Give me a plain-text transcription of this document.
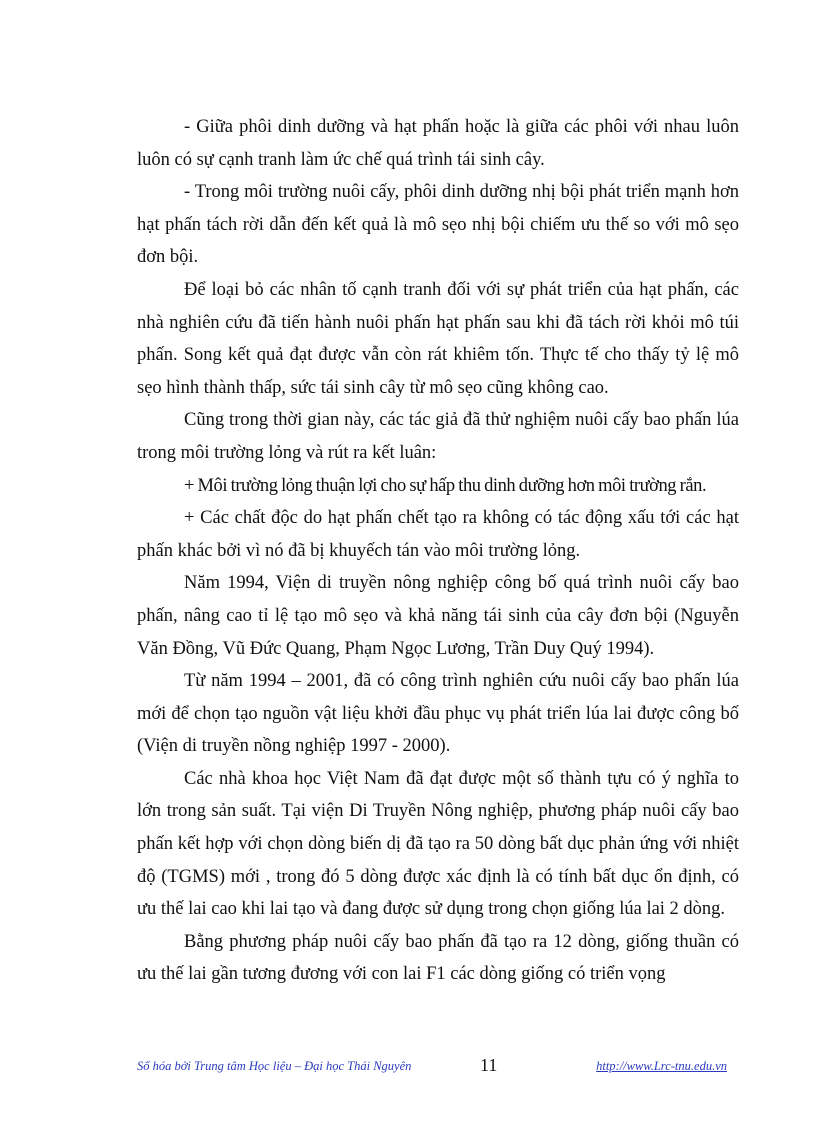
- Giữa phôi dinh dưỡng và hạt phấn hoặc là giữa các phôi với nhau luôn luôn có sự cạnh tranh làm ức chế quá trình tái sinh cây.

- Trong môi trường nuôi cấy, phôi dinh dưỡng nhị bội phát triển mạnh hơn hạt phấn tách rời dẫn đến kết quả là mô sẹo nhị bội chiếm ưu thế so với mô sẹo đơn bội.

Để loại bỏ các nhân tố cạnh tranh đối với sự phát triển của hạt phấn, các nhà nghiên cứu đã tiến hành nuôi phấn hạt phấn sau khi đã tách rời khỏi mô túi phấn. Song kết quả đạt được vẫn còn rát khiêm tốn. Thực tế cho thấy tỷ lệ mô sẹo hình thành thấp, sức tái sinh cây từ mô sẹo cũng không cao.

Cũng trong thời gian này, các tác giả đã thử nghiệm nuôi cấy bao phấn lúa trong môi trường lỏng và rút ra kết luân:

+ Môi trường lỏng thuận lợi cho sự hấp thu dinh dưỡng hơn môi trường rắn.

+ Các chất độc do hạt phấn chết tạo ra không có tác động xấu tới các hạt phấn khác bởi vì nó đã bị khuyếch tán vào môi trường lỏng.

Năm 1994, Viện di truyền nông nghiệp công bố quá trình nuôi cấy bao phấn, nâng cao tỉ lệ tạo mô sẹo và khả năng tái sinh của cây đơn bội (Nguyễn Văn Đồng, Vũ Đức Quang, Phạm Ngọc Lương, Trần Duy Quý 1994).

Từ năm 1994 – 2001, đã có công trình nghiên cứu nuôi cấy bao phấn lúa mới để chọn tạo nguồn vật liệu khởi đầu phục vụ phát triển lúa lai được công bố (Viện di truyền nồng nghiệp 1997 - 2000).

Các nhà khoa học Việt Nam đã đạt được một số thành tựu có ý nghĩa to lớn trong sản suất. Tại viện Di Truyền Nông nghiệp, phương pháp nuôi cấy bao phấn kết hợp với chọn dòng biến dị đã tạo ra 50 dòng bất dục phản ứng với nhiệt độ (TGMS) mới , trong đó 5 dòng được xác định là có tính bất dục ổn định, có ưu thế lai cao khi lai tạo và đang được sử dụng trong chọn giống lúa lai 2 dòng.

Bằng phương pháp nuôi cấy bao phấn đã tạo ra 12 dòng, giống thuần có ưu thế lai gần tương đương với con lai F1 các dòng giống có triển vọng

Số hóa bởi Trung tâm Học liệu – Đại học Thái Nguyên	11	http://www.Lrc-tnu.edu.vn
